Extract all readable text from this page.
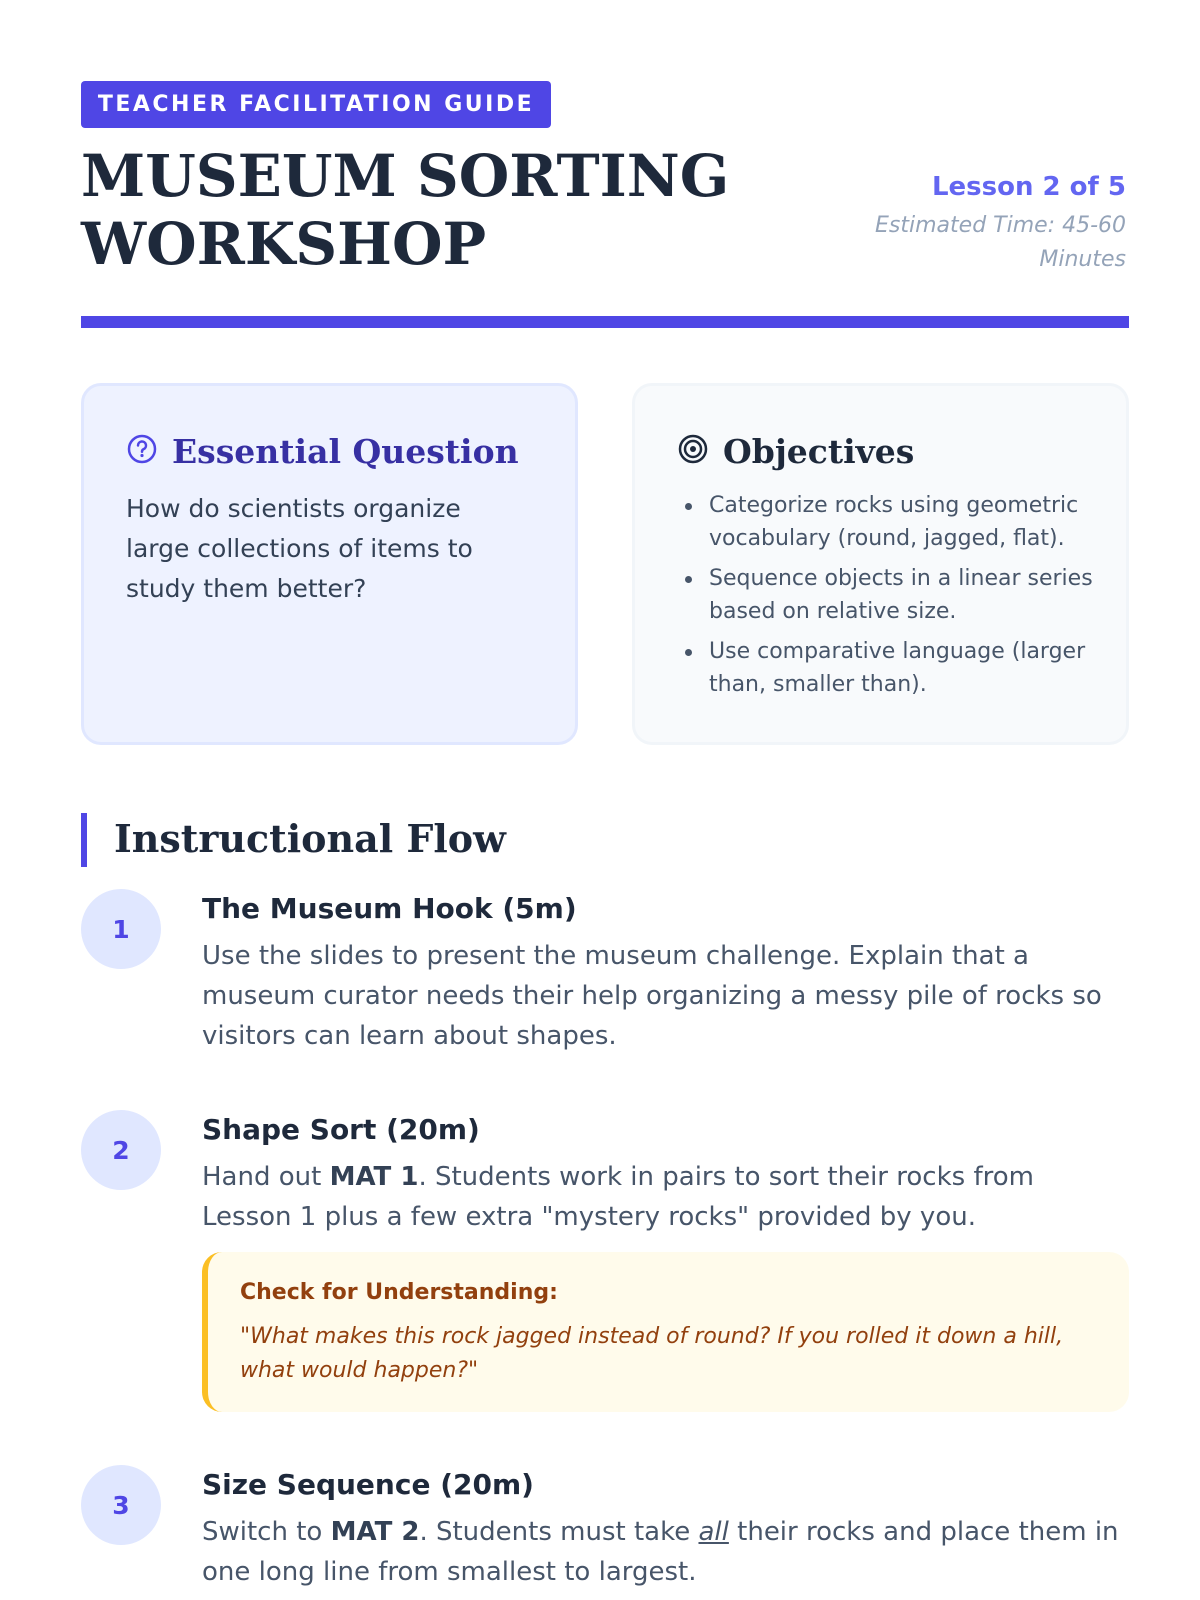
TEACHER FACILITATION GUIDE
MUSEUM SORTING
WORKSHOP
Lesson 2 of 5
Estimated Time: 45-60 Minutes
Essential Question
How do scientists organize large collections of items to study them better?
Objectives
Categorize rocks using geometric vocabulary (round, jagged, flat).
Sequence objects in a linear series based on relative size.
Use comparative language (larger than, smaller than).
Instructional Flow
1
The Museum Hook (5m)
Use the slides to present the museum challenge. Explain that a museum curator needs their help organizing a messy pile of rocks so visitors can learn about shapes.
2
Shape Sort (20m)
Hand out MAT 1. Students work in pairs to sort their rocks from Lesson 1 plus a few extra "mystery rocks" provided by you.
Check for Understanding:
"What makes this rock jagged instead of round? If you rolled it down a hill, what would happen?"
3
Size Sequence (20m)
Switch to MAT 2. Students must take all their rocks and place them in one long line from smallest to largest.
